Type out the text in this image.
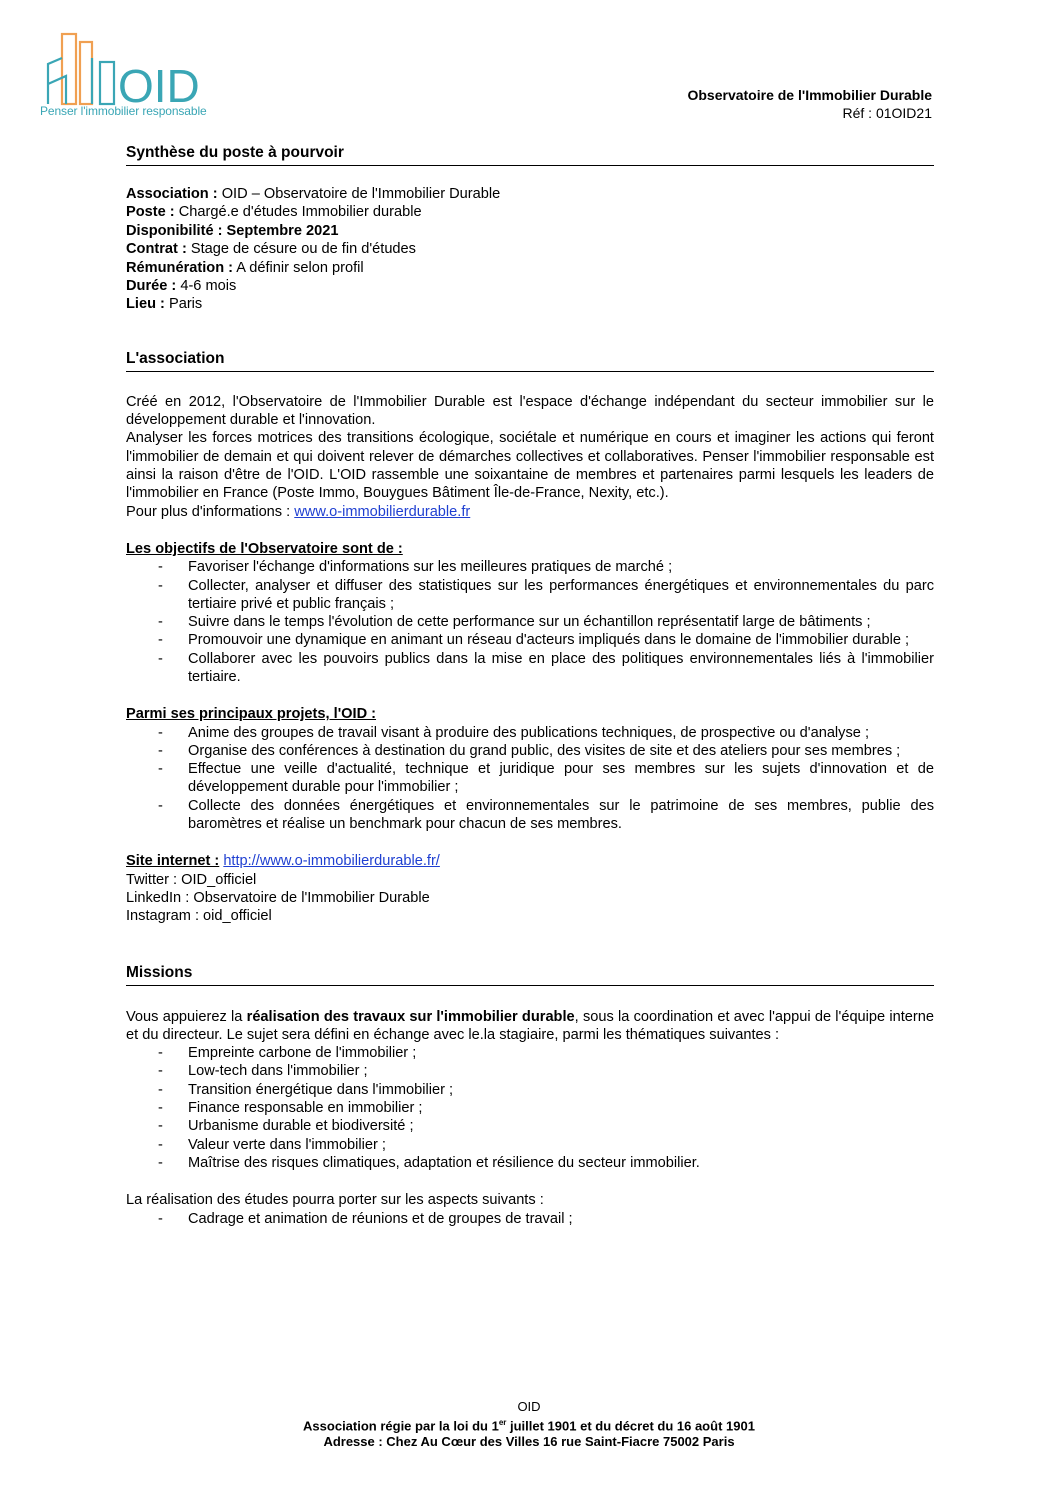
OID
Penser l'immobilier responsable
Observatoire de l'Immobilier Durable
Réf : 01OID21
Synthèse du poste à pourvoir
Association : OID – Observatoire de l'Immobilier Durable
Poste : Chargé.e d'études Immobilier durable
Disponibilité : Septembre 2021
Contrat : Stage de césure ou de fin d'études
Rémunération : A définir selon profil
Durée : 4-6 mois
Lieu : Paris
L'association

Créé en 2012, l'Observatoire de l'Immobilier Durable est l'espace d'échange indépendant du secteur immobilier sur le développement durable et l'innovation.

Analyser les forces motrices des transitions écologique, sociétale et numérique en cours et imaginer les actions qui feront l'immobilier de demain et qui doivent relever de démarches collectives et collaboratives. Penser l'immobilier responsable est ainsi la raison d'être de l'OID. L'OID rassemble une soixantaine de membres et partenaires parmi lesquels les leaders de l'immobilier en France (Poste Immo, Bouygues Bâtiment Île-de-France, Nexity, etc.).

Pour plus d'informations : www.o-immobilierdurable.fr

Les objectifs de l'Observatoire sont de :
- Favoriser l'échange d'informations sur les meilleures pratiques de marché ;
- Collecter, analyser et diffuser des statistiques sur les performances énergétiques et environnementales du parc tertiaire privé et public français ;
- Suivre dans le temps l'évolution de cette performance sur un échantillon représentatif large de bâtiments ;
- Promouvoir une dynamique en animant un réseau d'acteurs impliqués dans le domaine de l'immobilier durable ;
- Collaborer avec les pouvoirs publics dans la mise en place des politiques environnementales liés à l'immobilier tertiaire.
Parmi ses principaux projets, l'OID :
- Anime des groupes de travail visant à produire des publications techniques, de prospective ou d'analyse ;
- Organise des conférences à destination du grand public, des visites de site et des ateliers pour ses membres ;
- Effectue une veille d'actualité, technique et juridique pour ses membres sur les sujets d'innovation et de développement durable pour l'immobilier ;
- Collecte des données énergétiques et environnementales sur le patrimoine de ses membres, publie des baromètres et réalise un benchmark pour chacun de ses membres.
Site internet : http://www.o-immobilierdurable.fr/
Twitter : OID_officiel
LinkedIn : Observatoire de l'Immobilier Durable
Instagram : oid_officiel
Missions

Vous appuierez la réalisation des travaux sur l'immobilier durable, sous la coordination et avec l'appui de l'équipe interne et du directeur. Le sujet sera défini en échange avec le.la stagiaire, parmi les thématiques suivantes :

- Empreinte carbone de l'immobilier ;
- Low-tech dans l'immobilier ;
- Transition énergétique dans l'immobilier ;
- Finance responsable en immobilier ;
- Urbanisme durable et biodiversité ;
- Valeur verte dans l'immobilier ;
- Maîtrise des risques climatiques, adaptation et résilience du secteur immobilier.

La réalisation des études pourra porter sur les aspects suivants :

- Cadrage et animation de réunions et de groupes de travail ;
OID
Association régie par la loi du 1er juillet 1901 et du décret du 16 août 1901
Adresse : Chez Au Cœur des Villes 16 rue Saint-Fiacre 75002 Paris
